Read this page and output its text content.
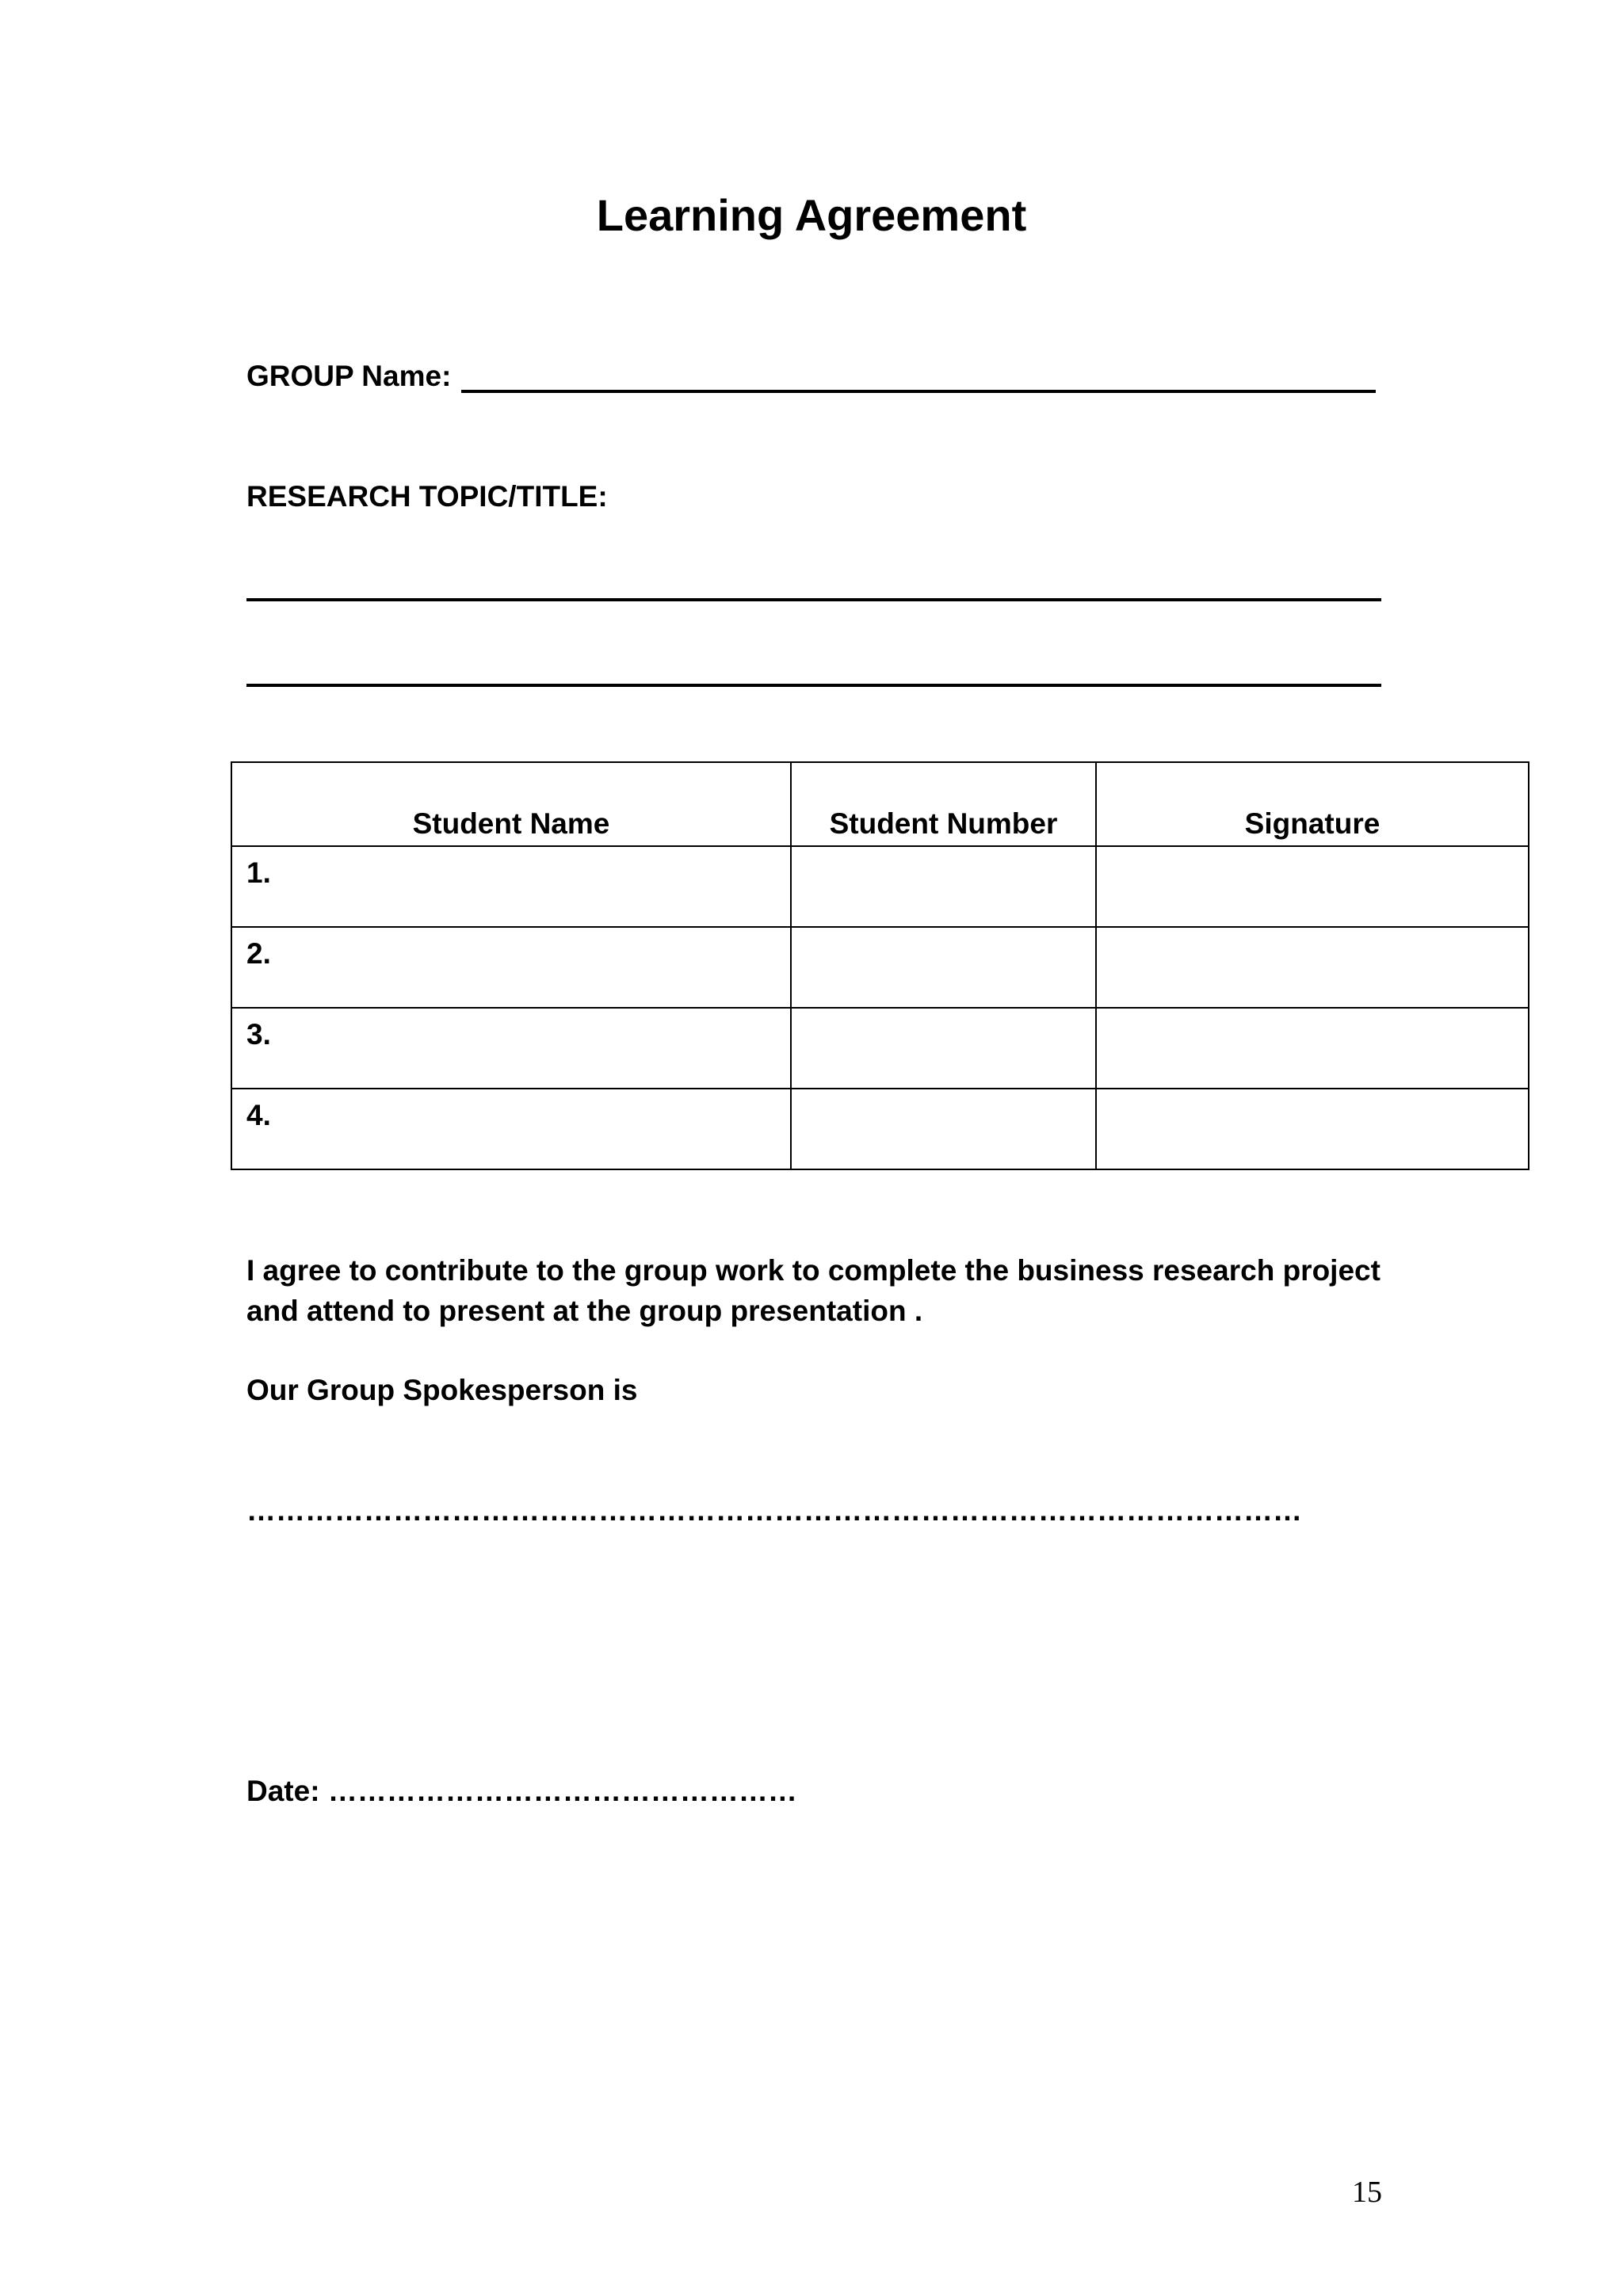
Learning Agreement
GROUP Name:
RESEARCH TOPIC/TITLE:
Student Name	Student Number	Signature
1.		
2.		
3.		
4.		
I agree to contribute to the group work to complete the business research project and attend to present at the group presentation .
Our Group Spokesperson is
………………………………………………………………………………………………
Date: …………………………………………
15
